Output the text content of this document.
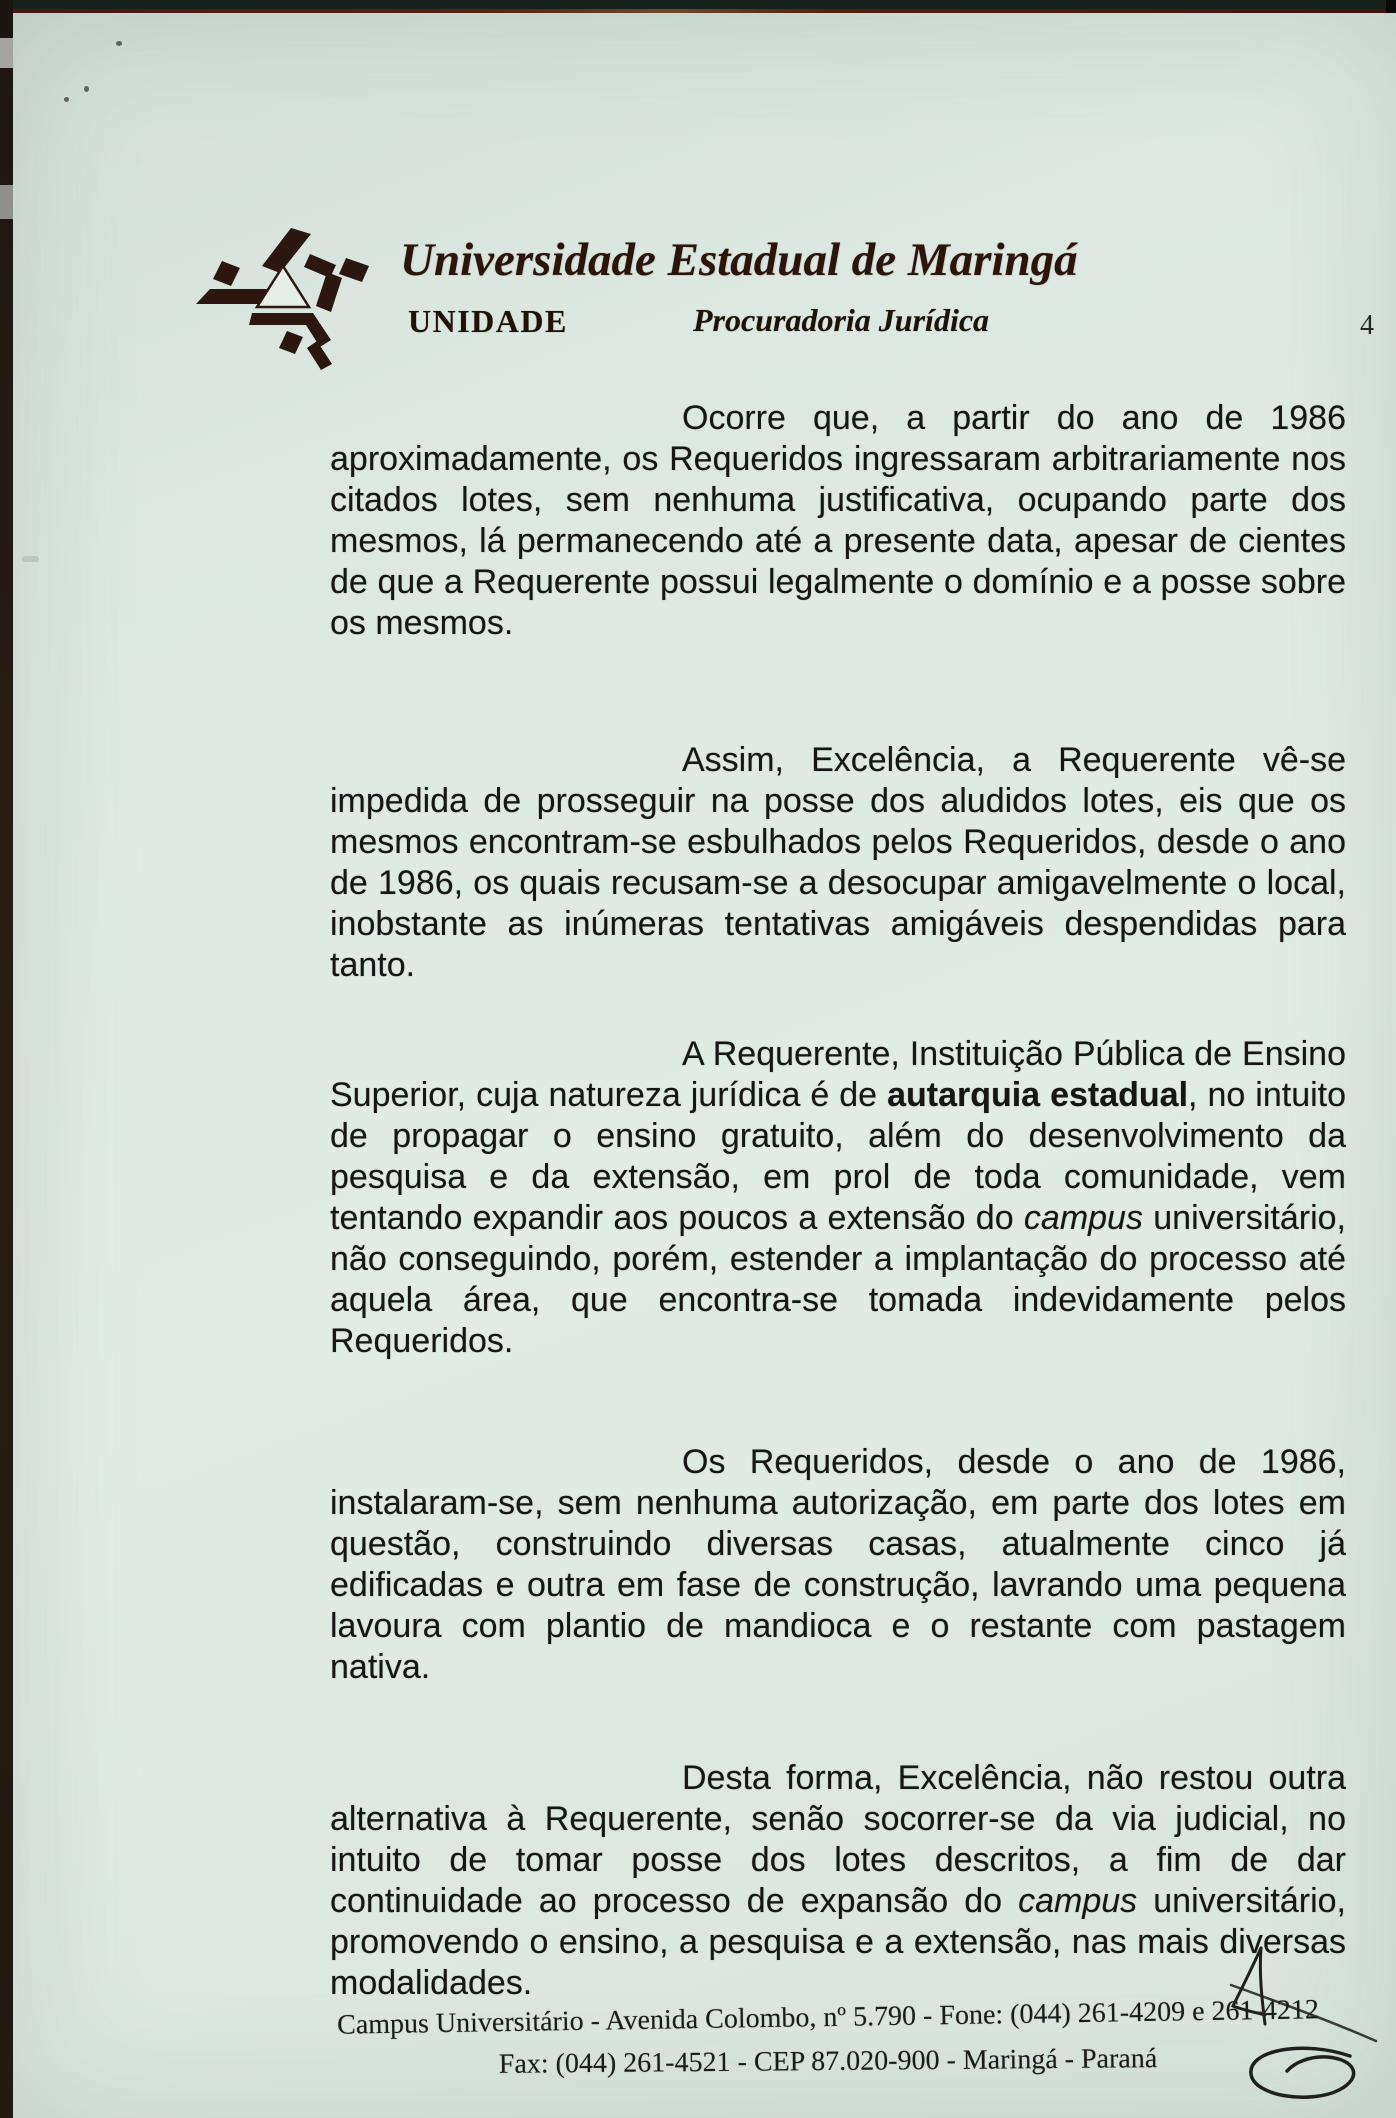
Universidade Estadual de Maringá
UNIDADE	Procuradoria Jurídica	4
Ocorre que, a partir do ano de 1986 aproximadamente, os Requeridos ingressaram arbitrariamente nos citados lotes, sem nenhuma justificativa, ocupando parte dos mesmos, lá permanecendo até a presente data, apesar de cientes de que a Requerente possui legalmente o domínio e a posse sobre os mesmos.
Assim, Excelência, a Requerente vê-se impedida de prosseguir na posse dos aludidos lotes, eis que os mesmos encontram-se esbulhados pelos Requeridos, desde o ano de 1986, os quais recusam-se a desocupar amigavelmente o local, inobstante as inúmeras tentativas amigáveis despendidas para tanto.
A Requerente, Instituição Pública de Ensino Superior, cuja natureza jurídica é de autarquia estadual, no intuito de propagar o ensino gratuito, além do desenvolvimento da pesquisa e da extensão, em prol de toda comunidade, vem tentando expandir aos poucos a extensão do campus universitário, não conseguindo, porém, estender a implantação do processo até aquela área, que encontra-se tomada indevidamente pelos Requeridos.
Os Requeridos, desde o ano de 1986, instalaram-se, sem nenhuma autorização, em parte dos lotes em questão, construindo diversas casas, atualmente cinco já edificadas e outra em fase de construção, lavrando uma pequena lavoura com plantio de mandioca e o restante com pastagem nativa.
Desta forma, Excelência, não restou outra alternativa à Requerente, senão socorrer-se da via judicial, no intuito de tomar posse dos lotes descritos, a fim de dar continuidade ao processo de expansão do campus universitário, promovendo o ensino, a pesquisa e a extensão, nas mais diversas modalidades.
Campus Universitário - Avenida Colombo, nº 5.790 - Fone: (044) 261-4209 e 261-4212
Fax: (044) 261-4521 - CEP 87.020-900 - Maringá - Paraná
